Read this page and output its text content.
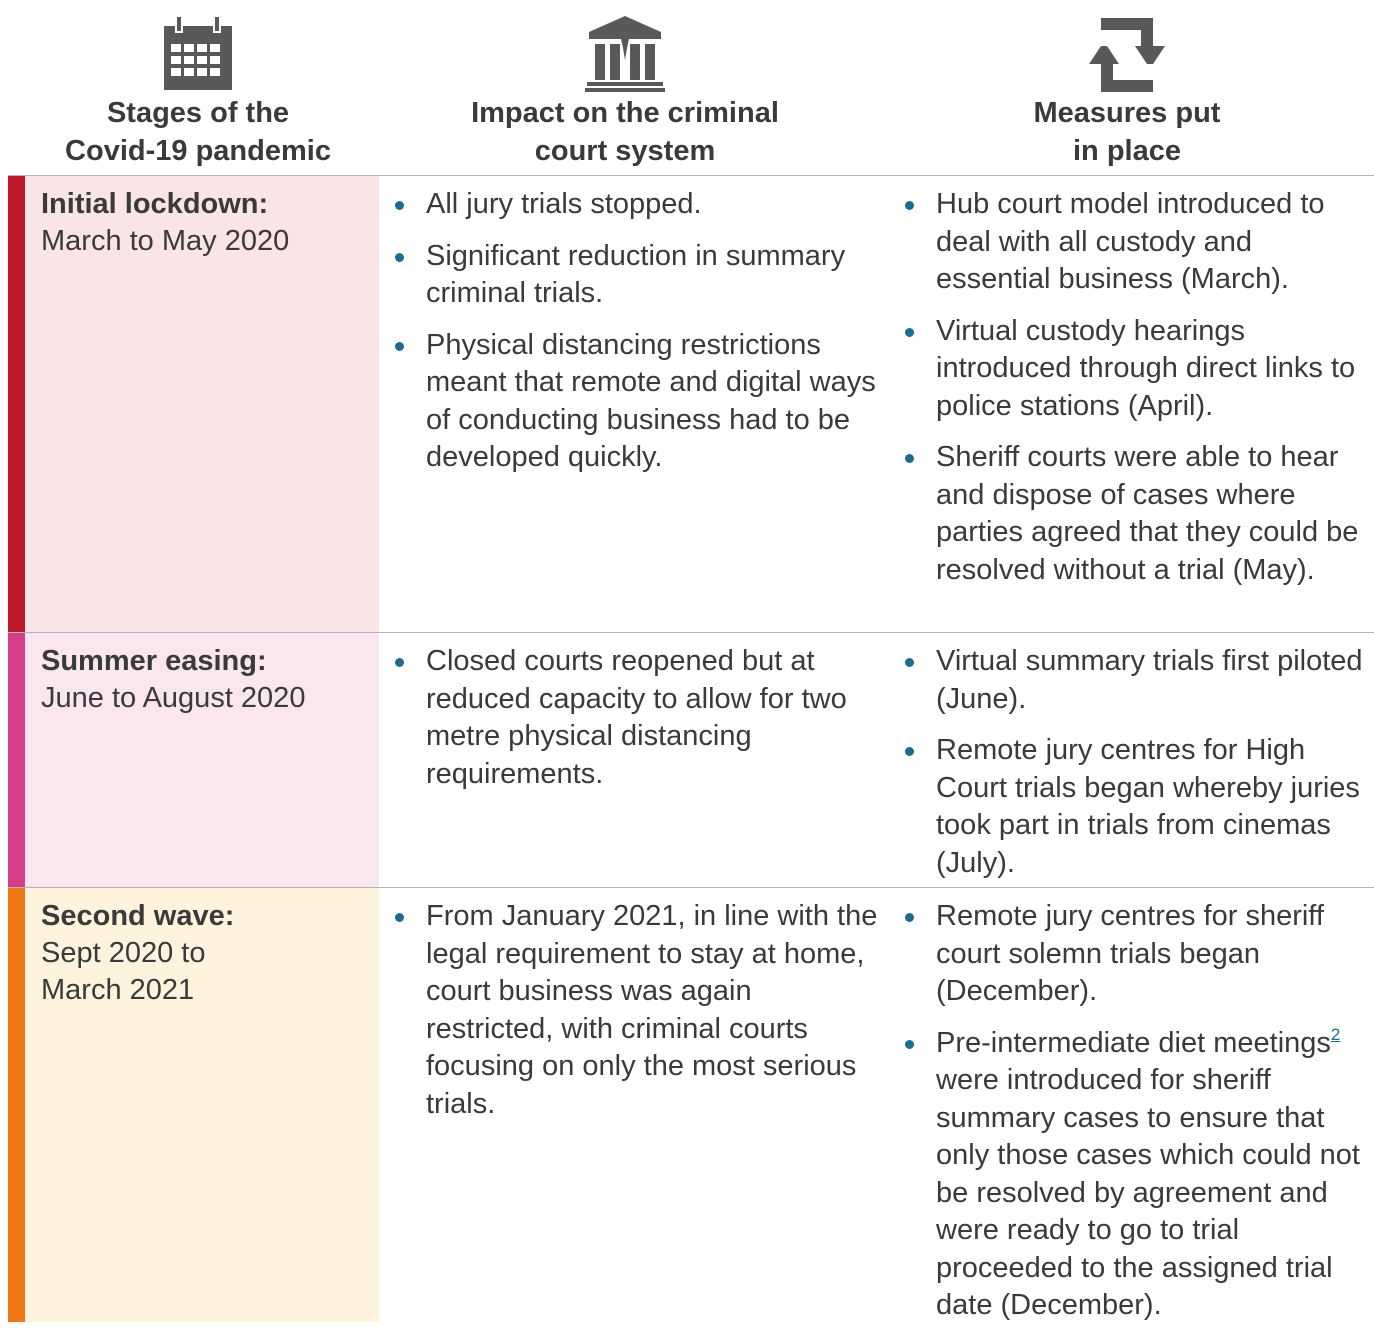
Stages of the
Covid-19 pandemic
Impact on the criminal
court system
Measures put
in place
Initial lockdown:
March to May 2020
All jury trials stopped.
Significant reduction in summary criminal trials.
Physical distancing restrictions meant that remote and digital ways of conducting business had to be developed quickly.
Hub court model introduced to deal with all custody and essential business (March).
Virtual custody hearings introduced through direct links to police stations (April).
Sheriff courts were able to hear and dispose of cases where parties agreed that they could be resolved without a trial (May).
Summer easing:
June to August 2020
Closed courts reopened but at reduced capacity to allow for two metre physical distancing requirements.
Virtual summary trials first piloted (June).
Remote jury centres for High Court trials began whereby juries took part in trials from cinemas (July).
Second wave:
Sept 2020 to
March 2021
From January 2021, in line with the legal requirement to stay at home, court business was again restricted, with criminal courts focusing on only the most serious trials.
Remote jury centres for sheriff court solemn trials began (December).
Pre-intermediate diet meetings$^2$ were introduced for sheriff summary cases to ensure that only those cases which could not be resolved by agreement and were ready to go to trial proceeded to the assigned trial date (December).
